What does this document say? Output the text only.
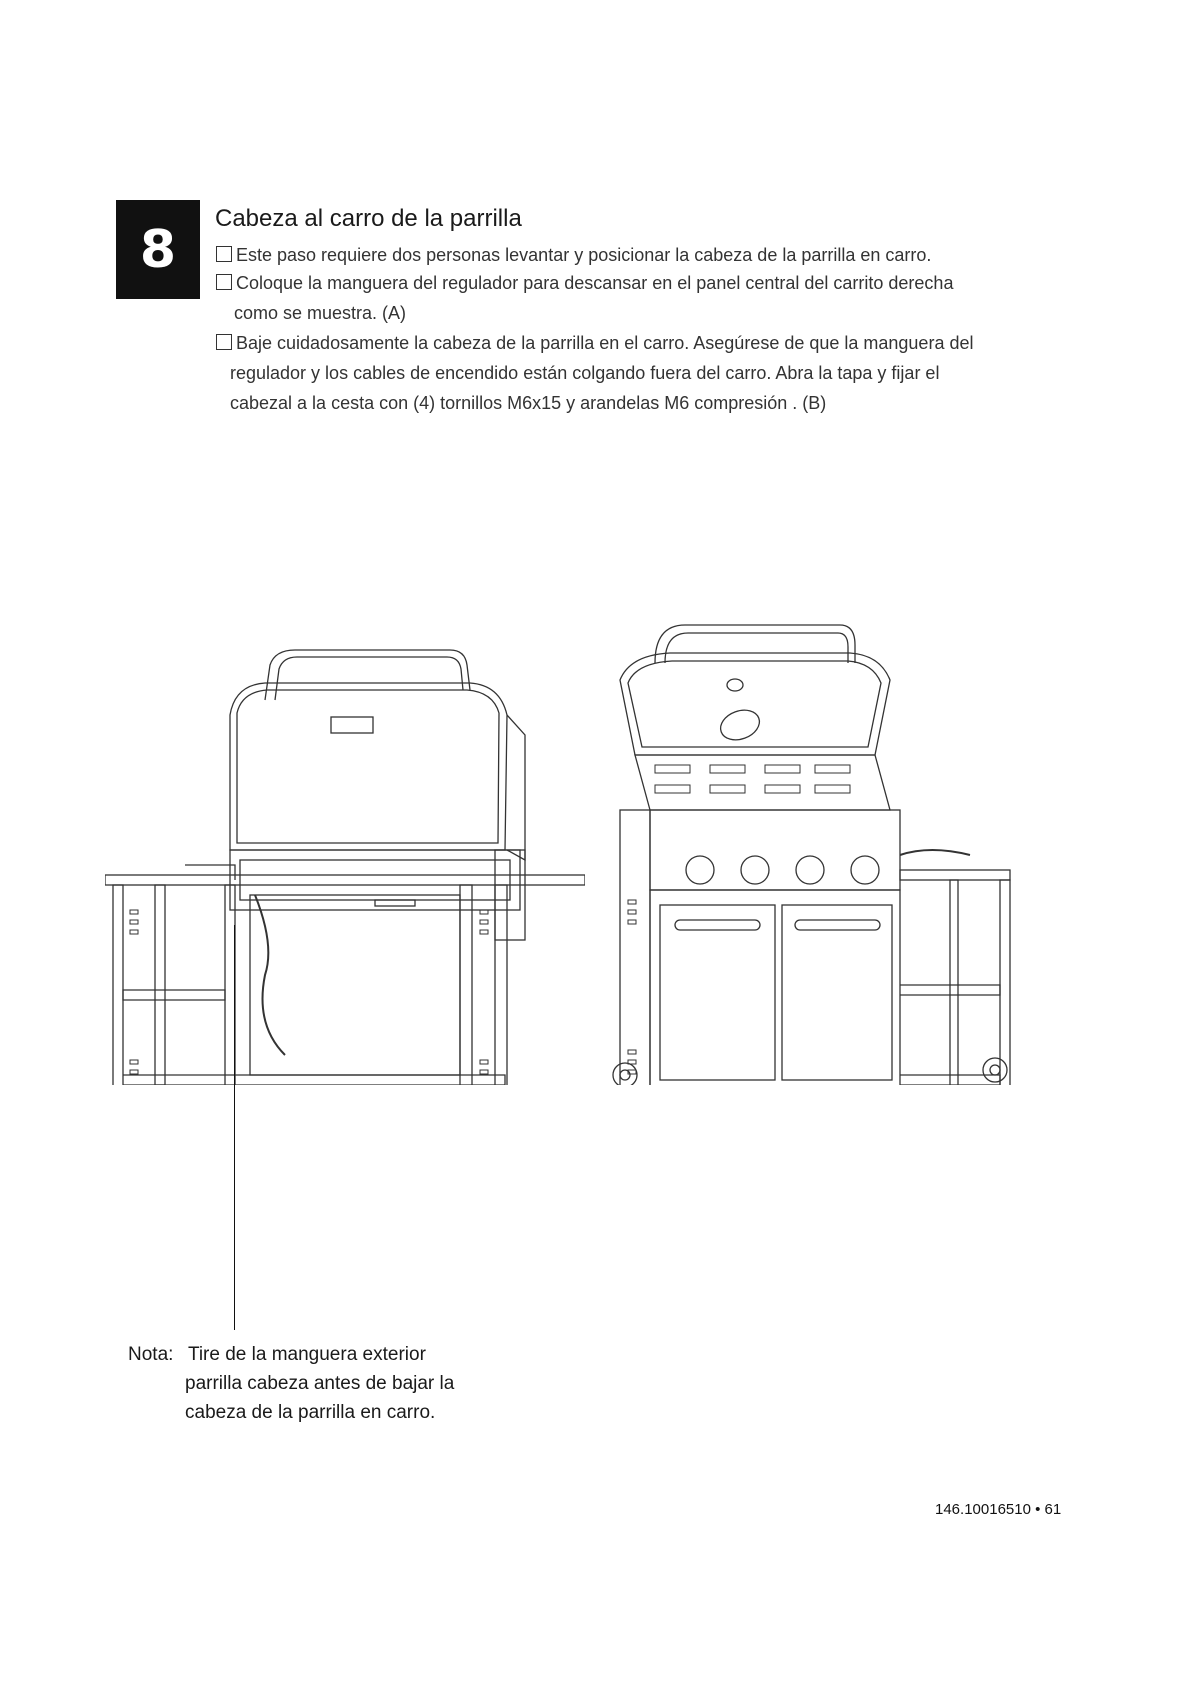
8
Cabeza al carro de la parrilla
Este paso requiere dos personas levantar y posicionar la cabeza de la parrilla en carro.
Coloque la manguera del regulador para descansar en el panel central del carrito derecha
como se muestra. (A)
Baje cuidadosamente la cabeza de la parrilla en el carro. Asegúrese de que la manguera del
regulador y los cables de encendido están colgando fuera del carro. Abra la tapa y fijar el
cabezal a la cesta con (4) tornillos M6x15 y arandelas M6 compresión . (B)
Nota: Tire de la manguera exterior
parrilla cabeza antes de bajar la
cabeza de la parrilla en carro.
146.10016510 • 61
